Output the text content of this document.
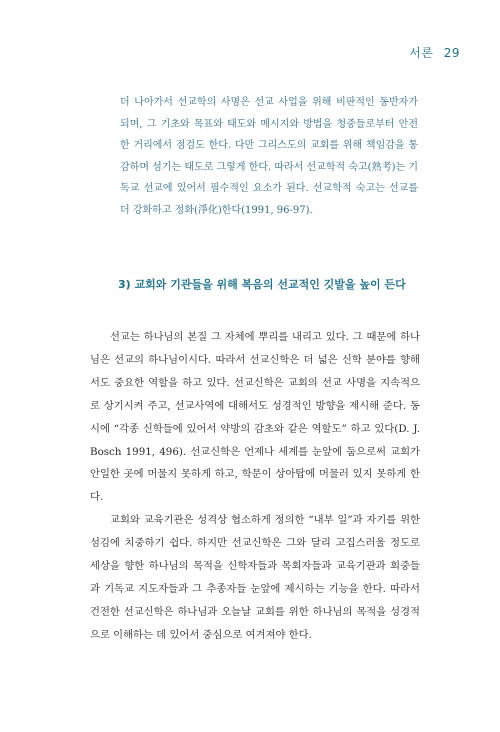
서론 29

더 나아가서 선교학의 사명은 선교 사업을 위해 비판적인 동반자가 되며, 그 기초와 목표와 태도와 메시지와 방법을 청중들로부터 안전한 거리에서 점검도 한다. 다만 그리스도의 교회를 위해 책임감을 통감하며 섬기는 태도로 그렇게 한다. 따라서 선교학적 숙고(熟考)는 기독교 선교에 있어서 필수적인 요소가 된다. 선교학적 숙고는 선교를 더 강화하고 정화(淨化)한다(1991, 96-97).

3) 교회와 기관들을 위해 복음의 선교적인 깃발을 높이 든다

선교는 하나님의 본질 그 자체에 뿌리를 내리고 있다. 그 때문에 하나님은 선교의 하나님이시다. 따라서 선교신학은 더 넓은 신학 분야를 향해서도 중요한 역할을 하고 있다. 선교신학은 교회의 선교 사명을 지속적으로 상기시켜 주고, 선교사역에 대해서도 성경적인 방향을 제시해 준다. 동시에 “각종 신학들에 있어서 약방의 감초와 같은 역할도” 하고 있다(D. J. Bosch 1991, 496). 선교신학은 언제나 세계를 눈앞에 둠으로써 교회가 안일한 곳에 머물지 못하게 하고, 학문이 상아탑에 머물러 있지 못하게 한다.

교회와 교육기관은 성격상 협소하게 정의한 “내부 일”과 자기를 위한 섬김에 치중하기 쉽다. 하지만 선교신학은 그와 달리 고집스러울 정도로 세상을 향한 하나님의 목적을 신학자들과 목회자들과 교육기관과 회중들과 기독교 지도자들과 그 추종자들 눈앞에 제시하는 기능을 한다. 따라서 건전한 선교신학은 하나님과 오늘날 교회를 위한 하나님의 목적을 성경적으로 이해하는 데 있어서 중심으로 여겨져야 한다.
